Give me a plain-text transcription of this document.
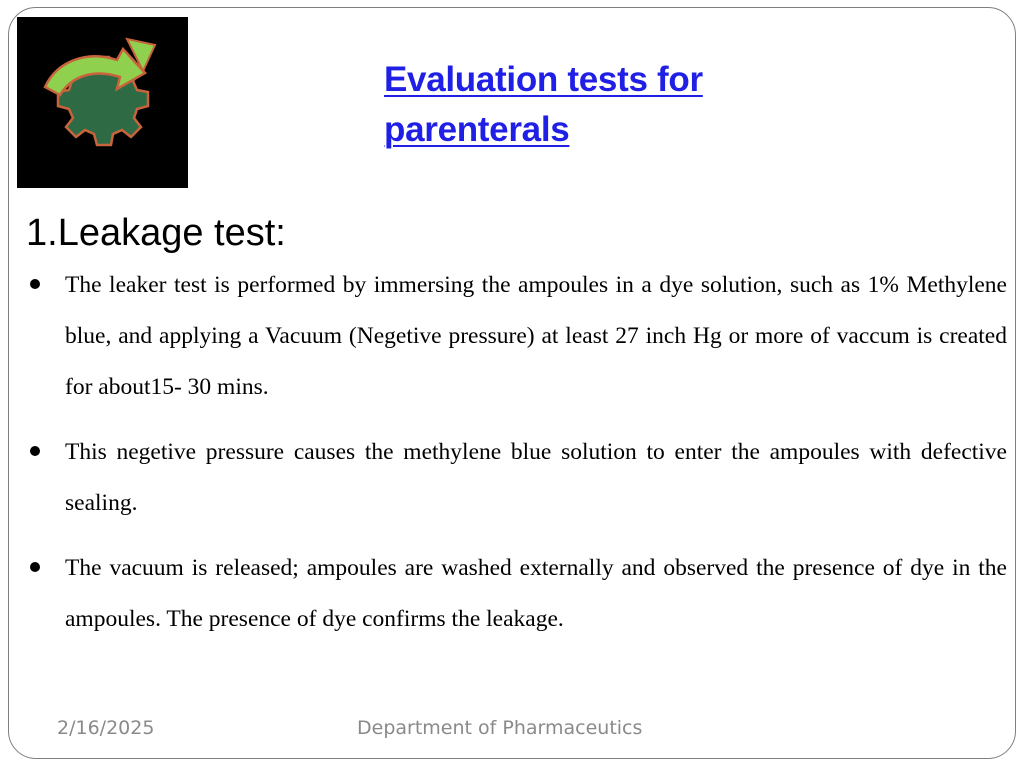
Evaluation tests for parenterals
1.Leakage test:
The leaker test is performed by immersing the ampoules in a dye solution, such as 1% Methylene blue, and applying a Vacuum (Negetive pressure) at least 27 inch Hg or more of vaccum is created for about15- 30 mins.
This negetive pressure causes the methylene blue solution to enter the ampoules with defective sealing.
The vacuum is released; ampoules are washed externally and observed the presence of dye in the ampoules. The presence of dye confirms the leakage.
2/16/2025	Department of Pharmaceutics
